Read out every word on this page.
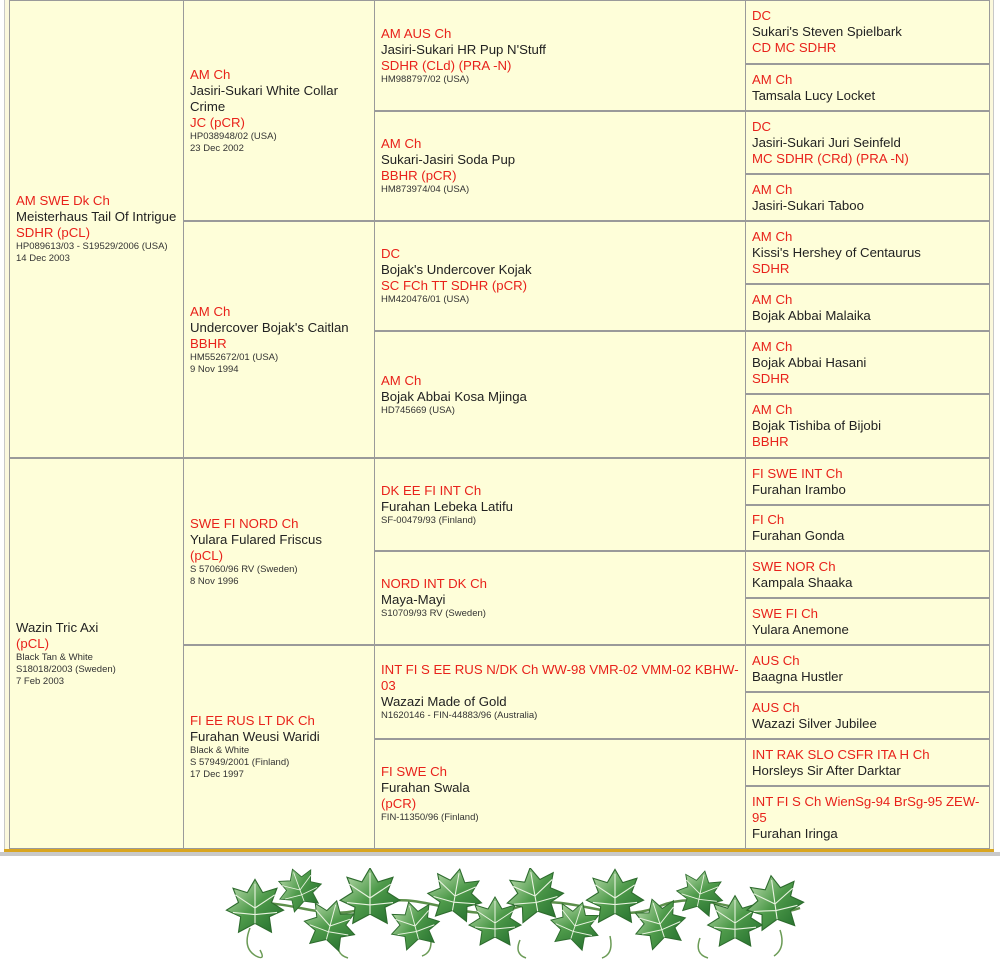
AM SWE Dk Ch
Meisterhaus Tail Of Intrigue
SDHR (pCL)
HP089613/03 - S19529/2006 (USA)
14 Dec 2003
Wazin Tric Axi
(pCL)
Black Tan & White
S18018/2003 (Sweden)
7 Feb 2003
AM Ch
Jasiri-Sukari White Collar Crime
JC (pCR)
HP038948/02 (USA)
23 Dec 2002
AM Ch
Undercover Bojak's Caitlan
BBHR
HM552672/01 (USA)
9 Nov 1994
SWE FI NORD Ch
Yulara Fulared Friscus
(pCL)
S 57060/96 RV (Sweden)
8 Nov 1996
FI EE RUS LT DK Ch
Furahan Weusi Waridi
Black & White
S 57949/2001 (Finland)
17 Dec 1997
AM AUS Ch
Jasiri-Sukari HR Pup N'Stuff
SDHR (CLd) (PRA -N)
HM988797/02 (USA)
AM Ch
Sukari-Jasiri Soda Pup
BBHR (pCR)
HM873974/04 (USA)
DC
Bojak's Undercover Kojak
SC FCh TT SDHR (pCR)
HM420476/01 (USA)
AM Ch
Bojak Abbai Kosa Mjinga
HD745669 (USA)
DK EE FI INT Ch
Furahan Lebeka Latifu
SF-00479/93 (Finland)
NORD INT DK Ch
Maya-Mayi
S10709/93 RV (Sweden)
INT FI S EE RUS N/DK Ch WW-98 VMR-02 VMM-02 KBHW-03
Wazazi Made of Gold
N1620146 - FIN-44883/96 (Australia)
FI SWE Ch
Furahan Swala
(pCR)
FIN-11350/96 (Finland)
DC
Sukari's Steven Spielbark
CD MC SDHR
AM Ch
Tamsala Lucy Locket
DC
Jasiri-Sukari Juri Seinfeld
MC SDHR (CRd) (PRA -N)
AM Ch
Jasiri-Sukari Taboo
AM Ch
Kissi's Hershey of Centaurus
SDHR
AM Ch
Bojak Abbai Malaika
AM Ch
Bojak Abbai Hasani
SDHR
AM Ch
Bojak Tishiba of Bijobi
BBHR
FI SWE INT Ch
Furahan Irambo
FI Ch
Furahan Gonda
SWE NOR Ch
Kampala Shaaka
SWE FI Ch
Yulara Anemone
AUS Ch
Baagna Hustler
AUS Ch
Wazazi Silver Jubilee
INT RAK SLO CSFR ITA H Ch
Horsleys Sir After Darktar
INT FI S Ch WienSg-94 BrSg-95 ZEW-95
Furahan Iringa
